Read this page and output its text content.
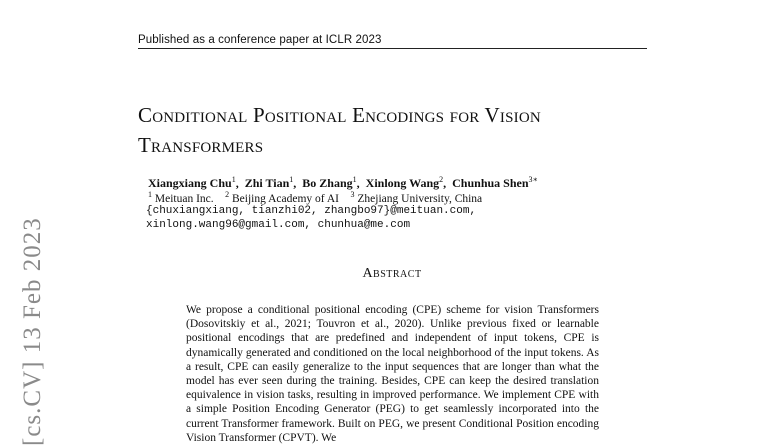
Published as a conference paper at ICLR 2023
Conditional Positional Encodings for Vision Transformers
Xiangxiang Chu$^1$,  Zhi Tian$^1$,  Bo Zhang$^1$,  Xinlong Wang$^2$,  Chunhua Shen$^{3∗}$
$^1$ Meituan Inc. $^2$ Beijing Academy of AI $^3$ Zhejiang University, China
{chuxiangxiang, tianzhi02, zhangbo97}@meituan.com,
xinlong.wang96@gmail.com, chunhua@me.com
Abstract

We propose a conditional positional encoding (CPE) scheme for vision Transformers (Dosovitskiy et al., 2021; Touvron et al., 2020). Unlike previous fixed or learnable positional encodings that are predefined and independent of input tokens, CPE is dynamically generated and conditioned on the local neighborhood of the input tokens. As a result, CPE can easily generalize to the input sequences that are longer than what the model has ever seen during the training. Besides, CPE can keep the desired translation equivalence in vision tasks, resulting in improved performance. We implement CPE with a simple Position Encoding Generator (PEG) to get seamlessly incorporated into the current Transformer framework. Built on PEG, we present Conditional Position encoding Vision Transformer (CPVT). We

[cs.CV] 13 Feb 2023
